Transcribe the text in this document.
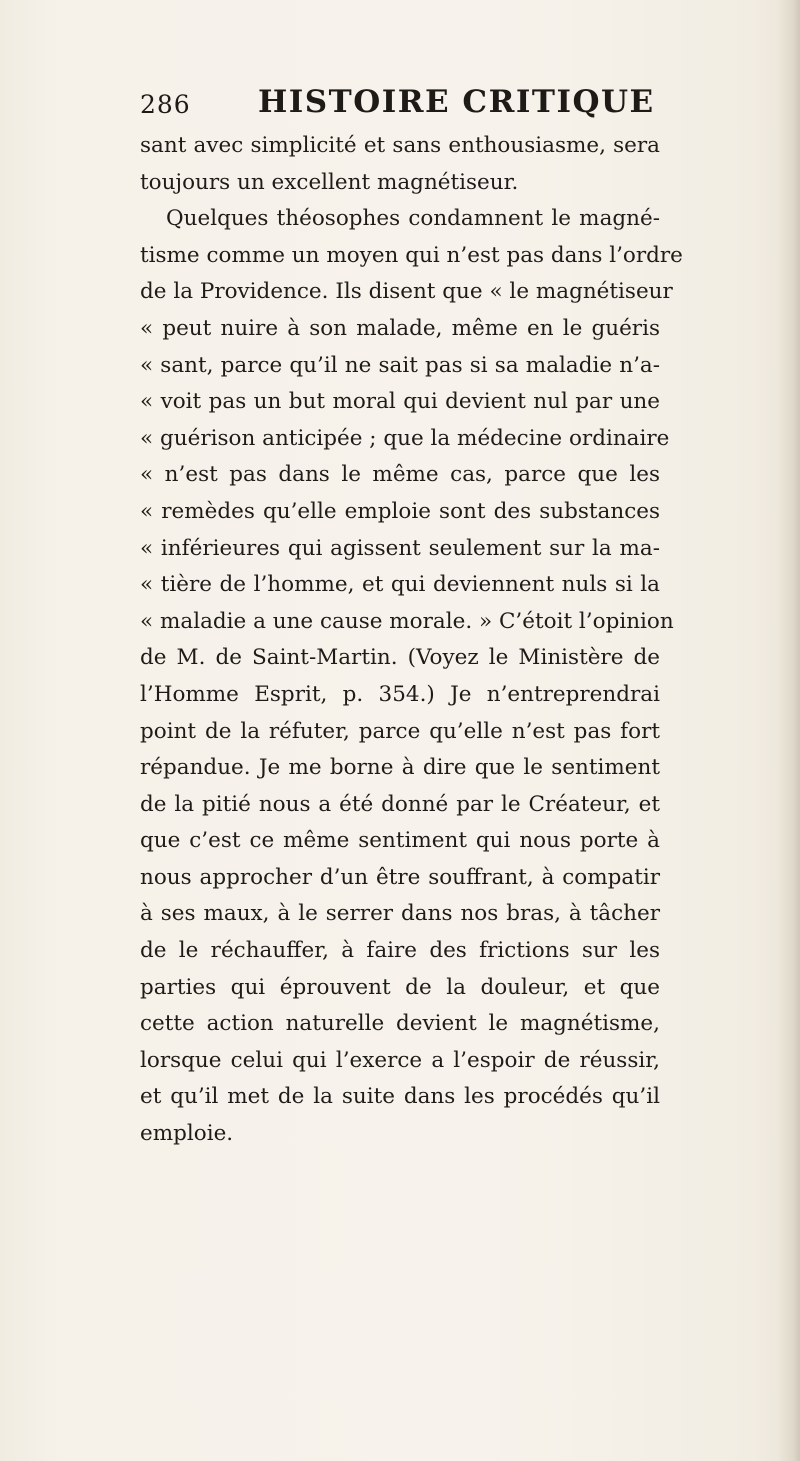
286 HISTOIRE CRITIQUE
sant avec simplicité et sans enthousiasme, sera
toujours un excellent magnétiseur.
Quelques théosophes condamnent le magné-
tisme comme un moyen qui n’est pas dans l’ordre
de la Providence. Ils disent que « le magnétiseur
« peut nuire à son malade, même en le guéris
« sant, parce qu’il ne sait pas si sa maladie n’a-
« voit pas un but moral qui devient nul par une
« guérison anticipée ; que la médecine ordinaire
« n’est pas dans le même cas, parce que les
« remèdes qu’elle emploie sont des substances
« inférieures qui agissent seulement sur la ma-
« tière de l’homme, et qui deviennent nuls si la
« maladie a une cause morale. » C’étoit l’opinion
de M. de Saint-Martin. (Voyez le Ministère de
l’Homme Esprit, p. 354.) Je n’entreprendrai
point de la réfuter, parce qu’elle n’est pas fort
répandue. Je me borne à dire que le sentiment
de la pitié nous a été donné par le Créateur, et
que c’est ce même sentiment qui nous porte à
nous approcher d’un être souffrant, à compatir
à ses maux, à le serrer dans nos bras, à tâcher
de le réchauffer, à faire des frictions sur les
parties qui éprouvent de la douleur, et que
cette action naturelle devient le magnétisme,
lorsque celui qui l’exerce a l’espoir de réussir,
et qu’il met de la suite dans les procédés qu’il
emploie.
